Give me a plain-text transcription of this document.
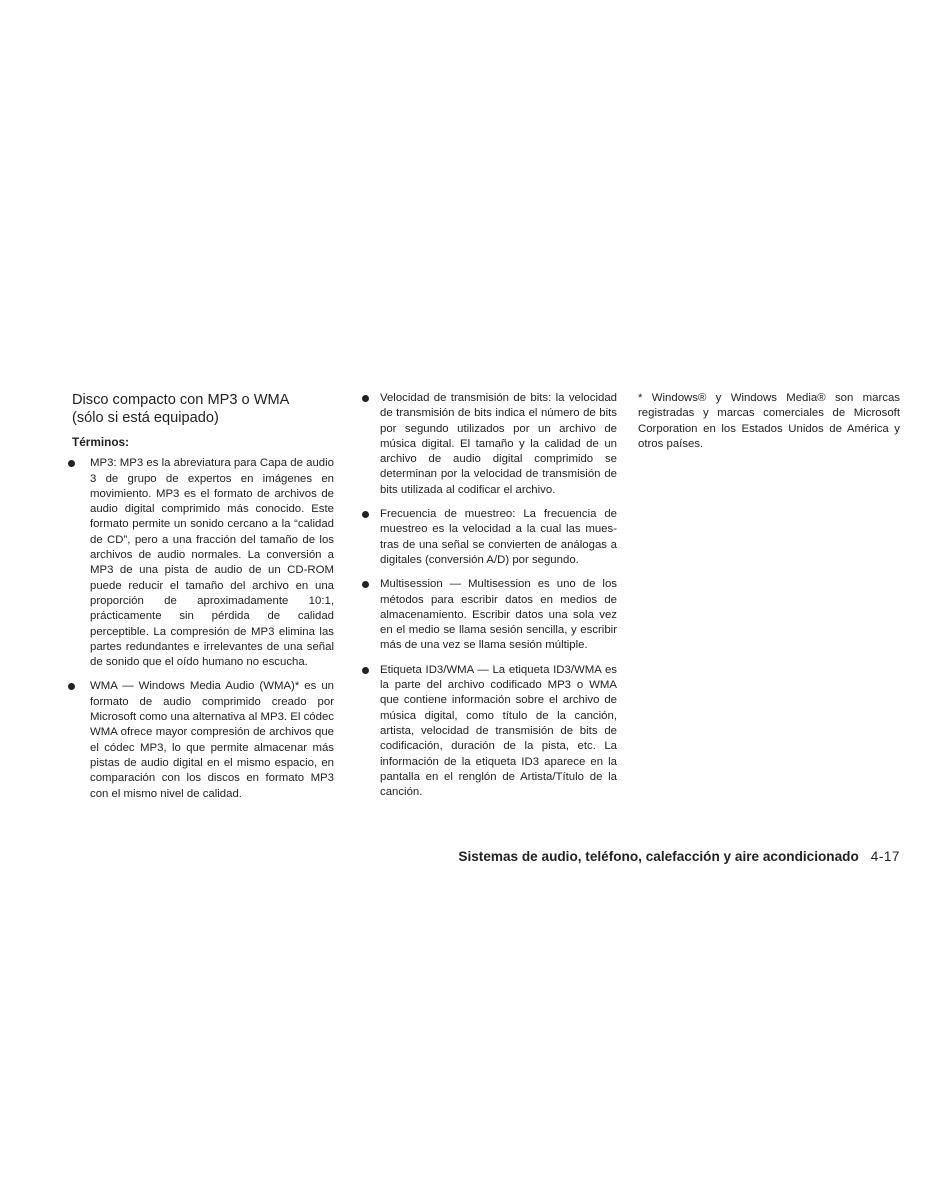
Disco compacto con MP3 o WMA
(sólo si está equipado)
Términos:
MP3: MP3 es la abreviatura para Capa de audio 3 de grupo de expertos en imágenes en movimiento. MP3 es el formato de archivos de audio digital comprimido más conocido. Este formato permite un sonido cercano a la “calidad de CD”, pero a una fracción del tamaño de los archivos de audio normales. La conversión a MP3 de una pista de audio de un CD-ROM puede reducir el tamaño del archivo en una proporción de aproximadamente 10:1, prácticamente sin pérdida de calidad perceptible. La compresión de MP3 elimina las partes redundantes e irrelevantes de una señal de sonido que el oído humano no escucha.
WMA — Windows Media Audio (WMA)* es un formato de audio comprimido creado por Microsoft como una alternativa al MP3. El códec WMA ofrece mayor compresión de archivos que el códec MP3, lo que permite almacenar más pistas de audio digital en el mismo espacio, en comparación con los discos en formato MP3 con el mismo nivel de calidad.
Velocidad de transmisión de bits: la velocidad de transmisión de bits indica el número de bits por segundo utilizados por un archivo de música digital. El tamaño y la calidad de un archivo de audio digital comprimido se determinan por la velocidad de transmisión de bits utilizada al codificar el archivo.
Frecuencia de muestreo: La frecuencia de muestreo es la velocidad a la cual las muestras de una señal se convierten de análogas a digitales (conversión A/D) por segundo.
Multisession — Multisession es uno de los métodos para escribir datos en medios de almacenamiento. Escribir datos una sola vez en el medio se llama sesión sencilla, y escribir más de una vez se llama sesión múltiple.
Etiqueta ID3/WMA — La etiqueta ID3/WMA es la parte del archivo codificado MP3 o WMA que contiene información sobre el archivo de música digital, como título de la canción, artista, velocidad de transmisión de bits de codificación, duración de la pista, etc. La información de la etiqueta ID3 aparece en la pantalla en el renglón de Artista/Título de la canción.

* Windows® y Windows Media® son marcas registradas y marcas comerciales de Microsoft Corporation en los Estados Unidos de América y otros países.

Sistemas de audio, teléfono, calefacción y aire acondicionado 4-17
